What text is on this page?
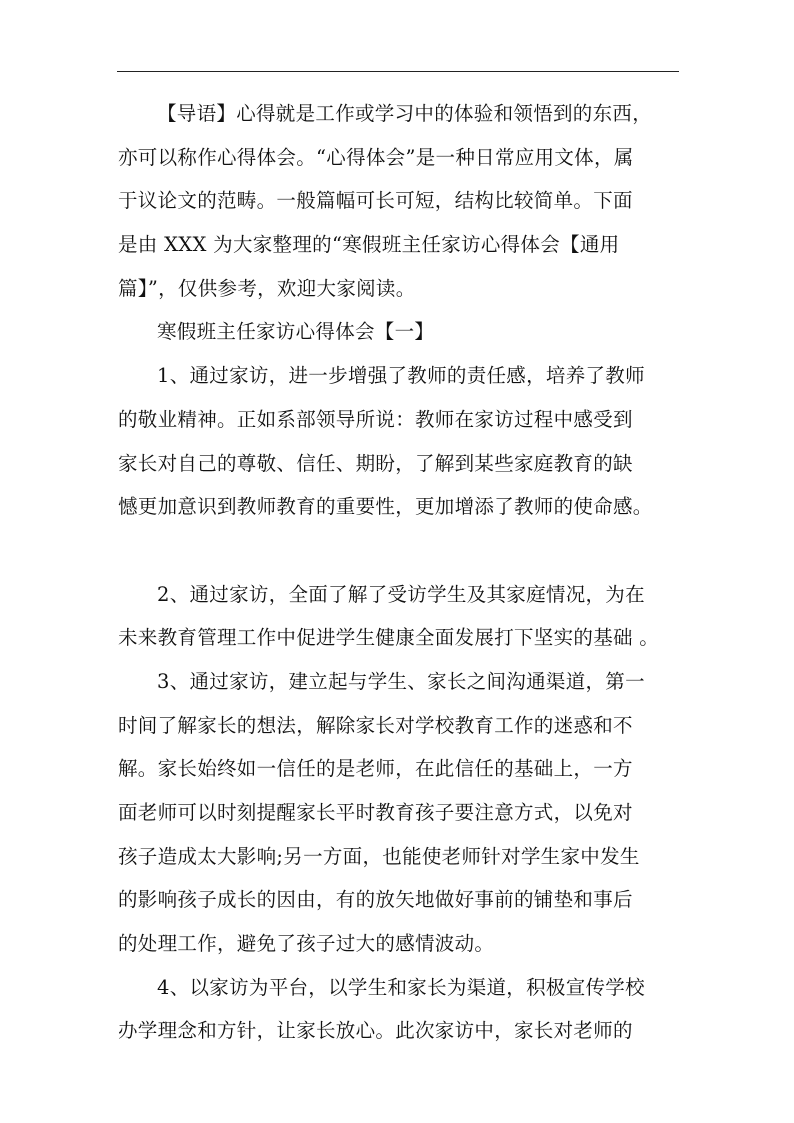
【导语】心得就是工作或学习中的体验和领悟到的东西，
亦可以称作心得体会。“心得体会”是一种日常应用文体，属
于议论文的范畴。一般篇幅可长可短，结构比较简单。下面
是由 XXX 为大家整理的“寒假班主任家访心得体会【通用
篇】”，仅供参考，欢迎大家阅读。
寒假班主任家访心得体会【一】
1、通过家访，进一步增强了教师的责任感，培养了教师
的敬业精神。正如系部领导所说：教师在家访过程中感受到
家长对自己的尊敬、信任、期盼，了解到某些家庭教育的缺
憾更加意识到教师教育的重要性，更加增添了教师的使命感。
2、通过家访，全面了解了受访学生及其家庭情况，为在
未来教育管理工作中促进学生健康全面发展打下坚实的基础 。
3、通过家访，建立起与学生、家长之间沟通渠道，第一
时间了解家长的想法，解除家长对学校教育工作的迷惑和不
解。家长始终如一信任的是老师，在此信任的基础上，一方
面老师可以时刻提醒家长平时教育孩子要注意方式，以免对
孩子造成太大影响;另一方面，也能使老师针对学生家中发生
的影响孩子成长的因由，有的放矢地做好事前的铺垫和事后
的处理工作，避免了孩子过大的感情波动。
4、以家访为平台，以学生和家长为渠道，积极宣传学校
办学理念和方针，让家长放心。此次家访中，家长对老师的
